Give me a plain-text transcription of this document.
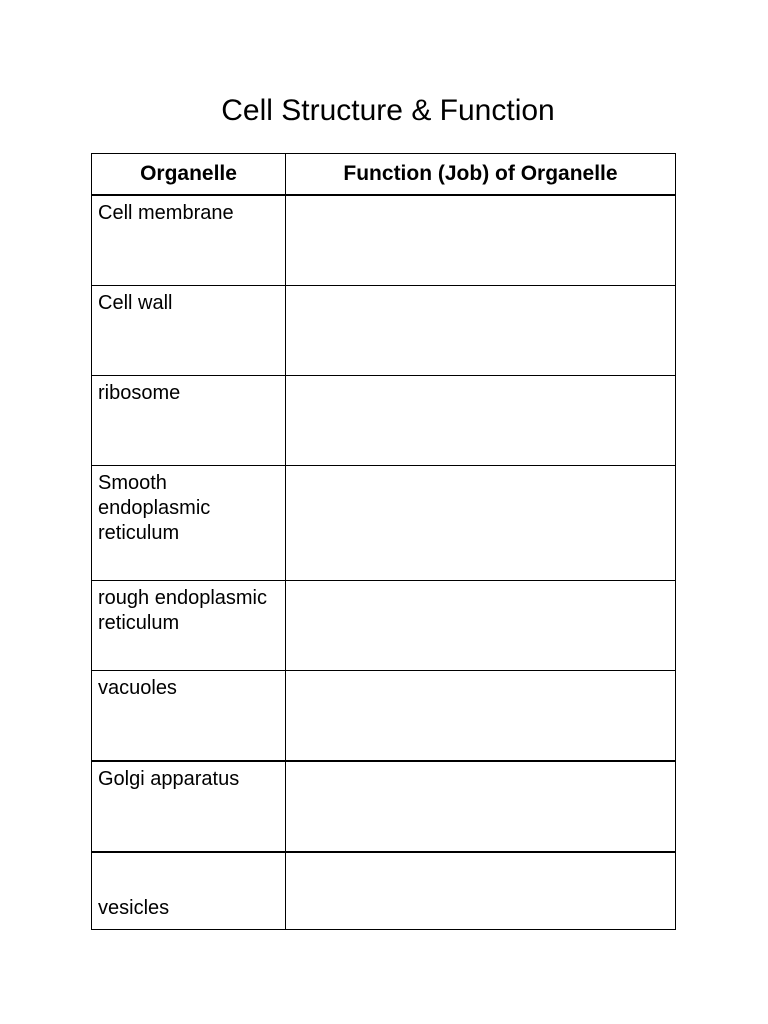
Cell Structure & Function
Organelle	Function (Job) of Organelle
Cell membrane	
Cell wall	
ribosome	
Smooth endoplasmic reticulum	
rough endoplasmic reticulum	
vacuoles	
Golgi apparatus	
vesicles	
